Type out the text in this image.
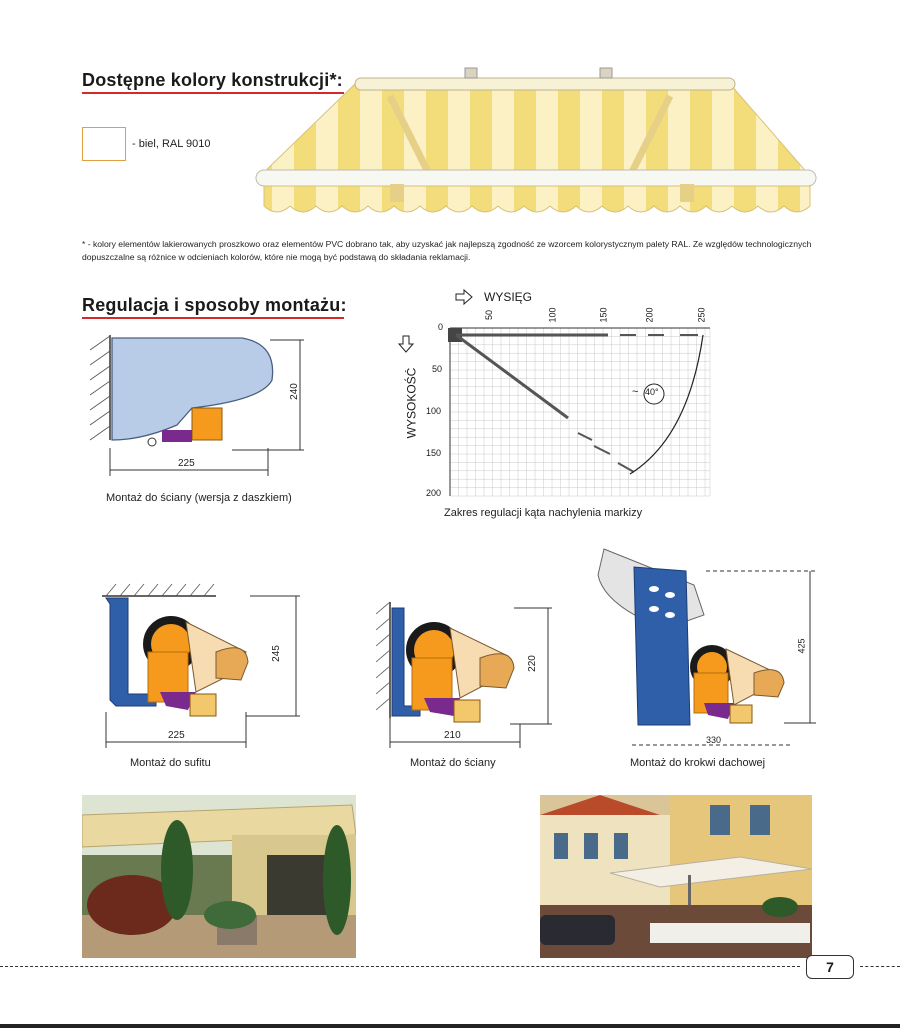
Dostępne kolory konstrukcji*:
- biel, RAL 9010
* - kolory elementów lakierowanych proszkowo oraz elementów PVC dobrano tak, aby uzyskać jak najlepszą zgodność ze wzorcem kolorystycznym palety RAL. Ze względów technologicznych dopuszczalne są różnice w odcieniach kolorów, które nie mogą być podstawą do składania reklamacji.
Regulacja i sposoby montażu:
240
225
Montaż do ściany (wersja z daszkiem)
WYSIĘG
WYSOKOŚĆ	~ 40°
50	100	150	200	250
0
50
100
150
200
Zakres regulacji kąta nachylenia markizy
245
225
Montaż do sufitu
220
210
Montaż do ściany
425
330
Montaż do krokwi dachowej
7
